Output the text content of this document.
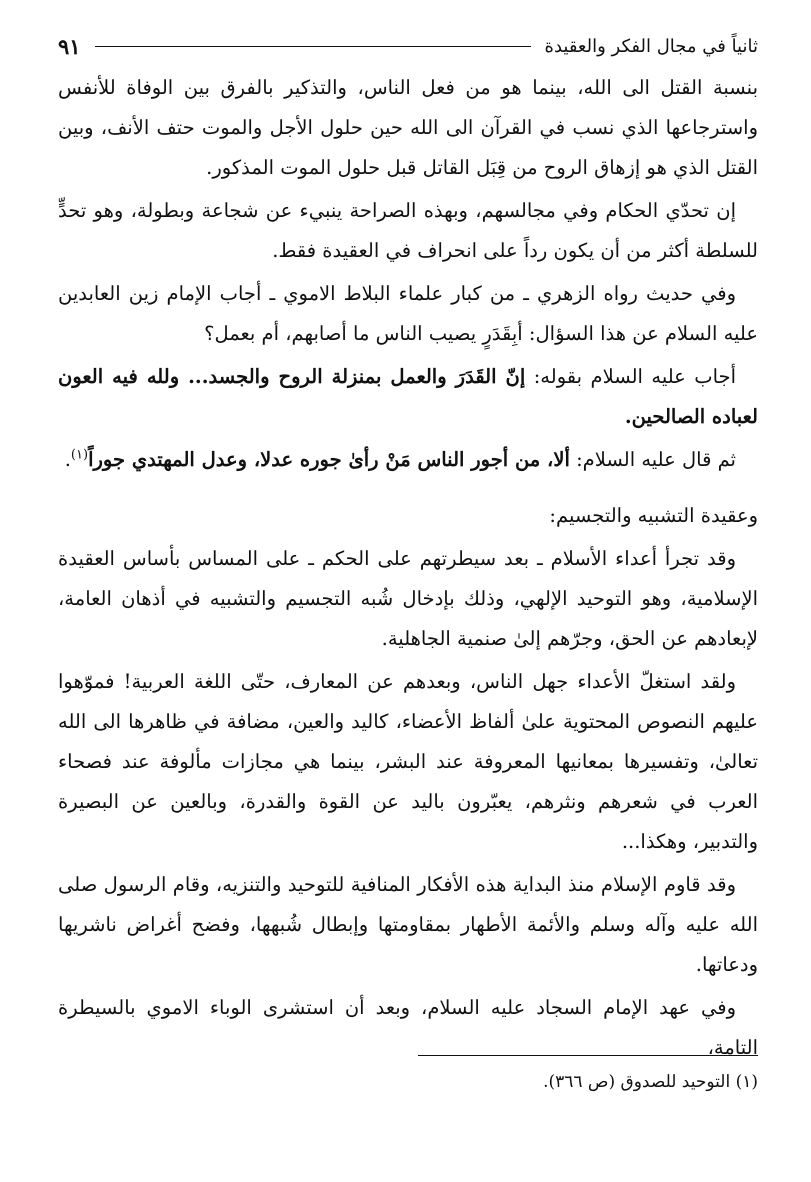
ثانياً في مجال الفكر والعقيدة
٩١

بنسبة القتل الى الله، بينما هو من فعل الناس، والتذكير بالفرق بين الوفاة للأنفس واسترجاعها الذي نسب في القرآن الى الله حين حلول الأجل والموت حتف الأنف، وبين القتل الذي هو إزهاق الروح من قِبَل القاتل قبل حلول الموت المذكور.

إن تحدّي الحكام وفي مجالسهم، وبهذه الصراحة ينبيء عن شجاعة وبطولة، وهو تحدٍّ للسلطة أكثر من أن يكون رداً على انحراف في العقيدة فقط.

وفي حديث رواه الزهري ـ من كبار علماء البلاط الاموي ـ أجاب الإمام زين العابدين عليه السلام عن هذا السؤال: أبِقَدَرٍ يصيب الناس ما أصابهم، أم بعمل؟

أجاب عليه السلام بقوله: إنّ القَدَرَ والعمل بمنزلة الروح والجسد... ولله فيه العون لعباده الصالحين.

ثم قال عليه السلام: ألا، من أجور الناس مَنْ رأىٰ جوره عدلا، وعدل المهتدي جوراً$^{(١)}$.

وعقيدة التشبيه والتجسيم:

وقد تجرأ أعداء الأسلام ـ بعد سيطرتهم على الحكم ـ على المساس بأساس العقيدة الإسلامية، وهو التوحيد الإلهي، وذلك بإدخال شُبه التجسيم والتشبيه في أذهان العامة، لإبعادهم عن الحق، وجرّهم إلىٰ صنمية الجاهلية.

ولقد استغلّ الأعداء جهل الناس، وبعدهم عن المعارف، حتّى اللغة العربية! فموّهوا عليهم النصوص المحتوية علىٰ ألفاظ الأعضاء، كاليد والعين، مضافة في ظاهرها الى الله تعالىٰ، وتفسيرها بمعانيها المعروفة عند البشر، بينما هي مجازات مألوفة عند فصحاء العرب في شعرهم ونثرهم، يعبّرون باليد عن القوة والقدرة، وبالعين عن البصيرة والتدبير، وهكذا...

وقد قاوم الإسلام منذ البداية هذه الأفكار المنافية للتوحيد والتنزيه، وقام الرسول صلى الله عليه وآله وسلم والأئمة الأطهار بمقاومتها وإبطال شُبهها، وفضح أغراض ناشريها ودعاتها.

وفي عهد الإمام السجاد عليه السلام، وبعد أن استشرى الوباء الاموي بالسيطرة التامة،

(١) التوحيد للصدوق (ص ٣٦٦).
